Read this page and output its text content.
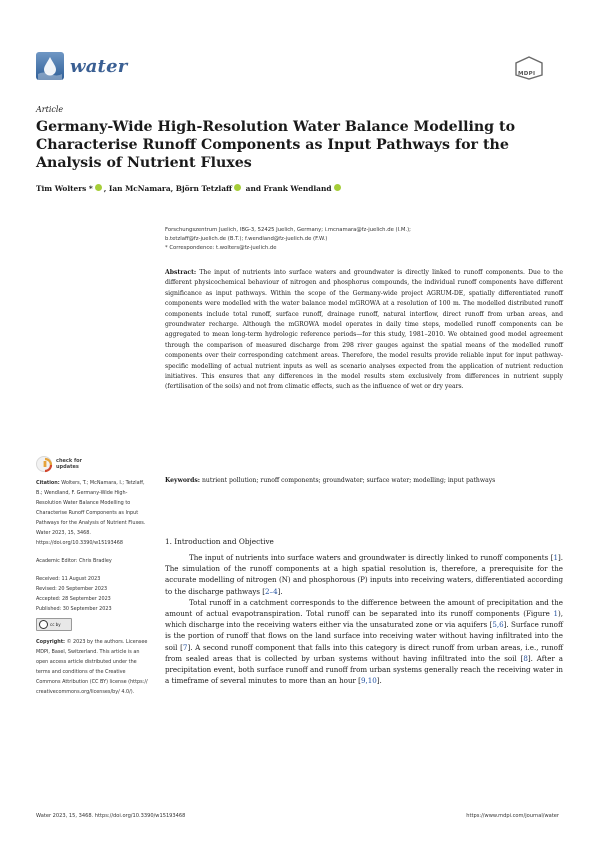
water	MDPI
Article
Germany-Wide High-Resolution Water Balance Modelling to Characterise Runoff Components as Input Pathways for the Analysis of Nutrient Fluxes
Tim Wolters * , Ian McNamara, Björn Tetzlaff and Frank Wendland
Forschungszentrum Juelich, IBG-3, 52425 Juelich, Germany; i.mcnamara@fz-juelich.de (I.M.);
b.tetzlaff@fz-juelich.de (B.T.); f.wendland@fz-juelich.de (F.W.)
* Correspondence: t.wolters@fz-juelich.de
Abstract: The input of nutrients into surface waters and groundwater is directly linked to runoff components. Due to the different physicochemical behaviour of nitrogen and phosphorus compounds, the individual runoff components have different significance as input pathways. Within the scope of the Germany-wide project AGRUM-DE, spatially differentiated runoff components were modelled with the water balance model mGROWA at a resolution of 100 m. The modelled distributed runoff components include total runoff, surface runoff, drainage runoff, natural interflow, direct runoff from urban areas, and groundwater recharge. Although the mGROWA model operates in daily time steps, modelled runoff components can be aggregated to mean long-term hydrologic reference periods—for this study, 1981–2010. We obtained good model agreement through the comparison of measured discharge from 298 river gauges against the spatial means of the modelled runoff components over their corresponding catchment areas. Therefore, the model results provide reliable input for input pathway-specific modelling of actual nutrient inputs as well as scenario analyses expected from the application of nutrient reduction initiatives. This ensures that any differences in the model results stem exclusively from differences in nutrient supply (fertilisation of the soils) and not from climatic effects, such as the influence of wet or dry years.
Keywords: nutrient pollution; runoff components; groundwater; surface water; modelling; input pathways
check for
updates

Citation: Wolters, T.; McNamara, I.; Tetzlaff, B.; Wendland, F. Germany-Wide High-Resolution Water Balance Modelling to Characterise Runoff Components as Input Pathways for the Analysis of Nutrient Fluxes. Water 2023, 15, 3468. https://doi.org/10.3390/w15193468

Academic Editor: Chris Bradley

Received: 11 August 2023

Revised: 20 September 2023

Accepted: 28 September 2023

Published: 30 September 2023

cc by

Copyright: © 2023 by the authors. Licensee MDPI, Basel, Switzerland. This article is an open access article distributed under the terms and conditions of the Creative Commons Attribution (CC BY) license (https:// creativecommons.org/licenses/by/ 4.0/).

1. Introduction and Objective

The input of nutrients into surface waters and groundwater is directly linked to runoff components [1]. The simulation of the runoff components at a high spatial resolution is, therefore, a prerequisite for the accurate modelling of nitrogen (N) and phosphorous (P) inputs into receiving waters, differentiated according to the discharge pathways [2–4].

Total runoff in a catchment corresponds to the difference between the amount of precipitation and the amount of actual evapotranspiration. Total runoff can be separated into its runoff components (Figure 1), which discharge into the receiving waters either via the unsaturated zone or via aquifers [5,6]. Surface runoff is the portion of runoff that flows on the land surface into receiving water without having infiltrated into the soil [7]. A second runoff component that falls into this category is direct runoff from urban areas, i.e., runoff from sealed areas that is collected by urban systems without having infiltrated into the soil [8]. After a precipitation event, both surface runoff and runoff from urban systems generally reach the receiving water in a timeframe of several minutes to more than an hour [9,10].

Water 2023, 15, 3468. https://doi.org/10.3390/w15193468	https://www.mdpi.com/journal/water
